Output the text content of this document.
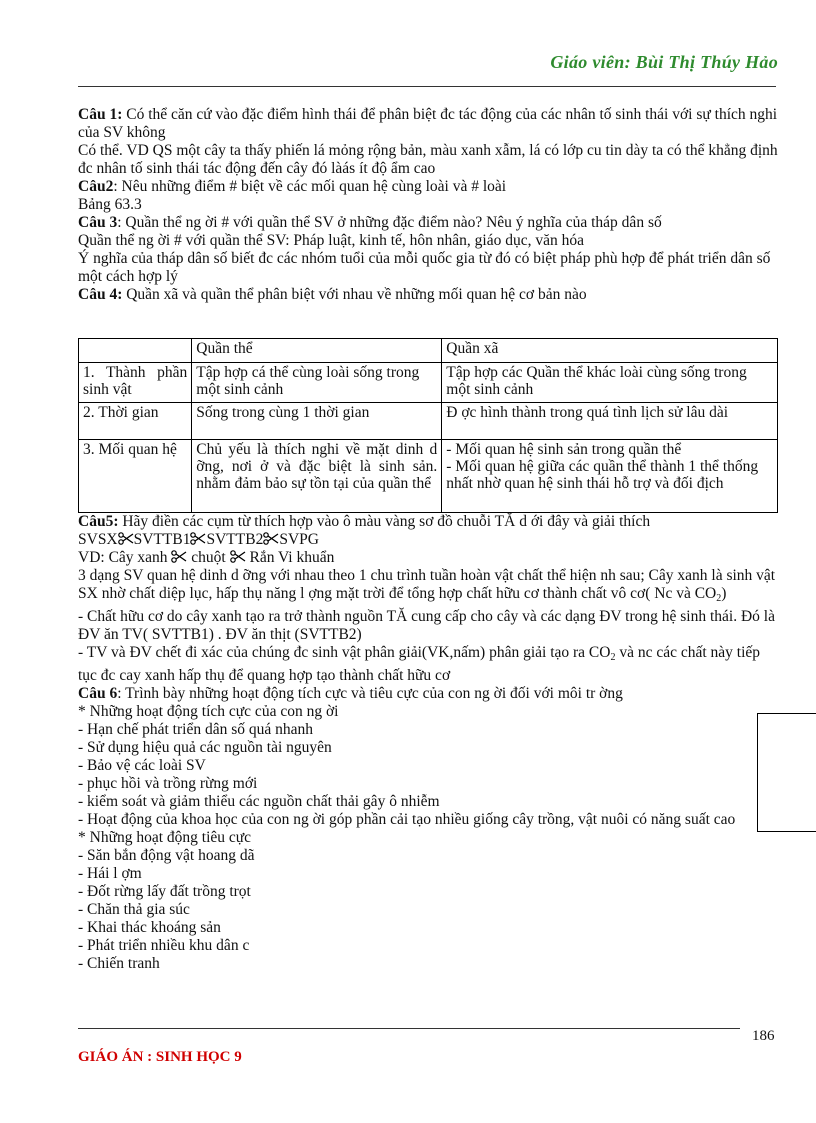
Giáo viên: Bùi Thị Thúy Hảo

Câu 1: Có thể căn cứ vào đặc điểm hình thái để phân biệt đc tác động của các nhân tố sinh thái với sự thích nghi của SV không

Có thể. VD QS một cây ta thấy phiến lá mỏng rộng bản, màu xanh xẫm, lá có lớp cu tin dày ta có thể khẳng định đc nhân tố sinh thái tác động đến cây đó làás ít độ ẩm cao

Câu2: Nêu những điểm # biệt về các mối quan hệ cùng loài và # loài

Bảng 63.3

Câu 3: Quần thể ng ời # với quần thể SV ở những đặc điểm nào? Nêu ý nghĩa của tháp dân số

Quần thể ng ời # với quần thể SV: Pháp luật, kinh tế, hôn nhân, giáo dục, văn hóa

Ý nghĩa của tháp dân số biết đc các nhóm tuổi của mỗi quốc gia từ đó có biệt pháp phù hợp để phát triển dân số một cách hợp lý

Câu 4: Quần xã và quần thể phân biệt với nhau về những mối quan hệ cơ bản nào

	Quần thể	Quần xã
1. Thành phần sinh vật	Tập hợp cá thể cùng loài sống trong một sinh cảnh	Tập hợp các Quần thể khác loài cùng sống trong một sinh cảnh
2. Thời gian	Sống trong cùng 1 thời gian	Đ ợc hình thành trong quá tình lịch sử lâu dài
3. Mối quan hệ	Chủ yếu là thích nghi về mặt dinh d ỡng, nơi ở và đặc biệt là sinh sản. nhằm đảm bảo sự tồn tại của quần thể	- Mối quan hệ sinh sản trong quần thể
- Mối quan hệ giữa các quần thể thành 1 thể thống nhất nhờ quan hệ sinh thái hỗ trợ và đối địch

Câu5: Hãy điền các cụm từ thích hợp vào ô màu vàng sơ đồ chuỗi TĂ d ới đây và giải thích

SVSX SVTTB1 SVTTB2 SVPG

VD: Cây xanh chuột Rắn Vi khuẩn

3 dạng SV quan hệ dinh d ỡng với nhau theo 1 chu trình tuần hoàn vật chất thể hiện nh sau; Cây xanh là sinh vật SX nhờ chất diệp lục, hấp thụ năng l ợng mặt trời để tổng hợp chất hữu cơ thành chất vô cơ( Nc và $CO_2$)

- Chất hữu cơ do cây xanh tạo ra trở thành nguồn TĂ cung cấp cho cây và các dạng ĐV trong hệ sinh thái. Đó là ĐV ăn TV( SVTTB1) . ĐV ăn thịt (SVTTB2)

- TV và ĐV chết đi xác của chúng đc sinh vật phân giải(VK,nấm) phân giải tạo ra $CO_2$ và nc các chất này tiếp tục đc cay xanh hấp thụ để quang hợp tạo thành chất hữu cơ

Câu 6: Trình bày những hoạt động tích cực và tiêu cực của con ng ời đối với môi tr ờng

* Những hoạt động tích cực của con ng ời

- Hạn chế phát triển dân số quá nhanh

- Sử dụng hiệu quả các nguồn tài nguyên

- Bảo vệ các loài SV

- phục hồi và trồng rừng mới

- kiểm soát và giảm thiểu các nguồn chất thải gây ô nhiễm

- Hoạt động của khoa học của con ng ời góp phần cải tạo nhiều giống cây trồng, vật nuôi có năng suất cao

* Những hoạt động tiêu cực

- Săn bắn động vật hoang dã

- Hái l ợm

- Đốt rừng lấy đất trồng trọt

- Chăn thả gia súc

- Khai thác khoáng sản

- Phát triển nhiều khu dân c

- Chiến tranh

186
GIÁO ÁN : SINH HỌC 9
